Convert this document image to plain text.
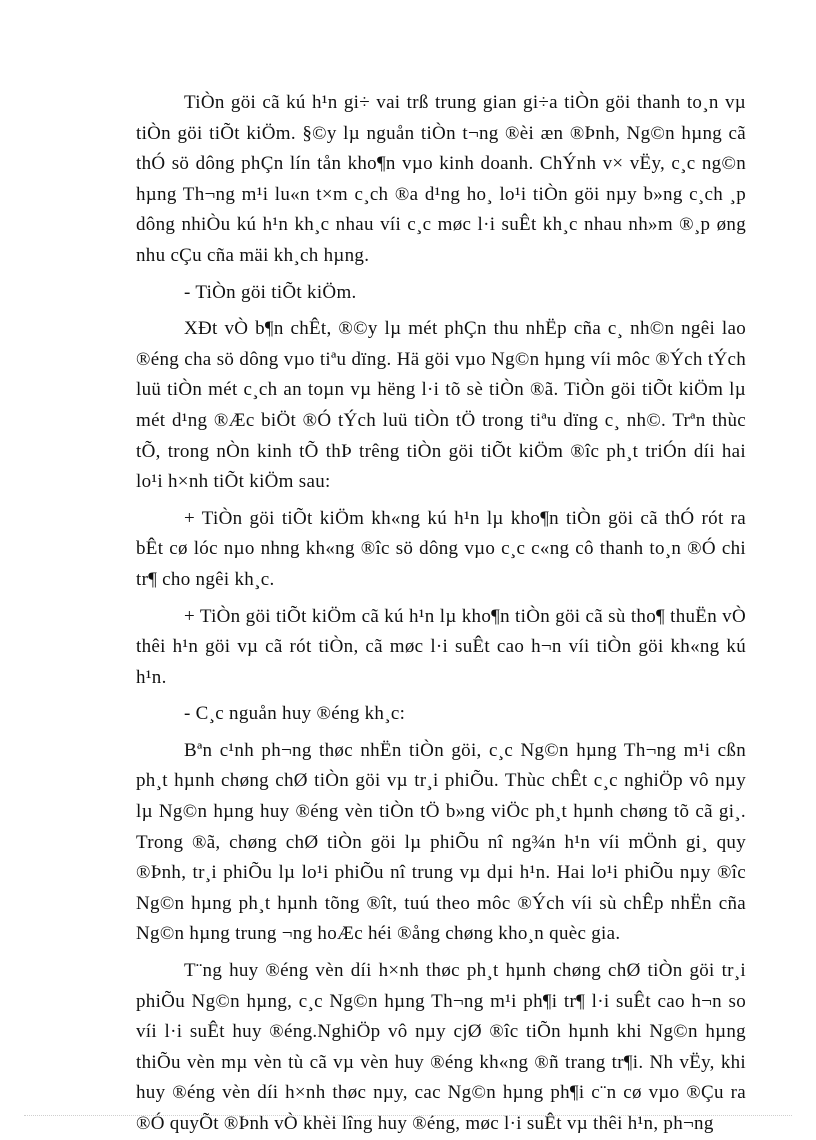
TiÒn göi cã kú h¹n gi÷ vai trß trung gian gi÷a tiÒn göi thanh to¸n vµ tiÒn göi tiÕt kiÖm. §©y lµ nguån tiÒn t¬ng ®èi æn ®Þnh, Ng©n hµng cã thÓ sö dông phÇn lín tån kho¶n vµo kinh doanh. ChÝnh v× vËy, c¸c ng©n hµng Th¬ng m¹i lu«n t×m c¸ch ®a d¹ng ho¸ lo¹i tiÒn göi nµy b»ng c¸ch ¸p dông nhiÒu kú h¹n kh¸c nhau víi c¸c møc l·i suÊt kh¸c nhau nh»m ®¸p øng nhu cÇu cña mäi kh¸ch hµng.

- TiÒn göi tiÕt kiÖm.

XÐt vÒ b¶n chÊt, ®©y lµ mét phÇn thu nhËp cña c¸ nh©n ngêi lao ®éng cha sö dông vµo tiªu dïng. Hä göi vµo Ng©n hµng víi môc ®Ých tÝch luü tiÒn mét c¸ch an toµn vµ hëng l·i tõ sè tiÒn ®ã. TiÒn göi tiÕt kiÖm lµ mét d¹ng ®Æc biÖt ®Ó tÝch luü tiÒn tÖ trong tiªu dïng c¸ nh©. Trªn thùc tÕ, trong nÒn kinh tÕ thÞ trêng tiÒn göi tiÕt kiÖm ®îc ph¸t triÓn díi hai lo¹i h×nh tiÕt kiÖm sau:

+ TiÒn göi tiÕt kiÖm kh«ng kú h¹n lµ kho¶n tiÒn göi cã thÓ rót ra bÊt cø lóc nµo nhng kh«ng ®îc sö dông vµo c¸c c«ng cô thanh to¸n ®Ó chi tr¶ cho ngêi kh¸c.

+ TiÒn göi tiÕt kiÖm cã kú h¹n lµ kho¶n tiÒn göi cã sù tho¶ thuËn vÒ thêi h¹n göi vµ cã rót tiÒn, cã møc l·i suÊt cao h¬n víi tiÒn göi kh«ng kú h¹n.

- C¸c nguån huy ®éng kh¸c:

Bªn c¹nh ph¬ng thøc nhËn tiÒn göi, c¸c Ng©n hµng Th¬ng m¹i cßn ph¸t hµnh chøng chØ tiÒn göi vµ tr¸i phiÕu. Thùc chÊt c¸c nghiÖp vô nµy lµ Ng©n hµng huy ®éng vèn tiÒn tÖ b»ng viÖc ph¸t hµnh chøng tõ cã gi¸. Trong ®ã, chøng chØ tiÒn göi lµ phiÕu nî ng¾n h¹n víi mÖnh gi¸ quy ®Þnh, tr¸i phiÕu lµ lo¹i phiÕu nî trung vµ dµi h¹n. Hai lo¹i phiÕu nµy ®îc Ng©n hµng ph¸t hµnh tõng ®ît, tuú theo môc ®Ých víi sù chÊp nhËn cña Ng©n hµng trung ¬ng hoÆc héi ®ång chøng kho¸n quèc gia.

T¨ng huy ®éng vèn díi h×nh thøc ph¸t hµnh chøng chØ tiÒn göi tr¸i phiÕu Ng©n hµng, c¸c Ng©n hµng Th¬ng m¹i ph¶i tr¶ l·i suÊt cao h¬n so víi l·i suÊt huy ®éng.NghiÖp vô nµy cjØ ®îc tiÕn hµnh khi Ng©n hµng thiÕu vèn mµ vèn tù cã vµ vèn huy ®éng kh«ng ®ñ trang tr¶i. Nh vËy, khi huy ®éng vèn díi h×nh thøc nµy, cac Ng©n hµng ph¶i c¨n cø vµo ®Çu ra ®Ó quyÕt ®Þnh vÒ khèi lîng huy ®éng, møc l·i suÊt vµ thêi h¹n, ph¬ng
